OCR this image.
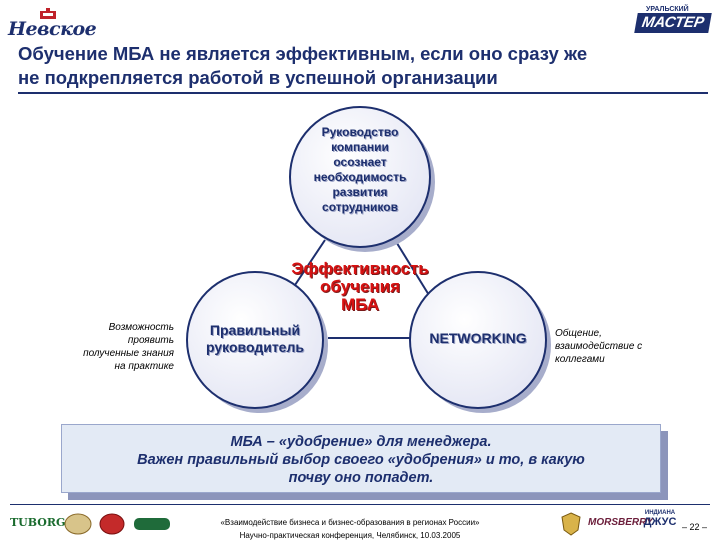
Невское
УРАЛЬСКИЙ
МАСТЕР
Обучение МБА не является эффективным, если оно сразу же
не подкрепляется работой в успешной организации
Руководство
компании
осознает
необходимость
развития
сотрудников
Правильный
руководитель
NETWORKING
Эффективность
обучения
МБА
Возможность
проявить
полученные знания
на практике
Общение,
взаимодействие с
коллегами
МБА – «удобрение» для менеджера.
Важен правильный выбор своего «удобрения» и то, в какую
почву оно попадет.
TUBORG	«Взаимодействие бизнеса и бизнес-образования в регионах России»
Научно-практическая конференция, Челябинск, 10.03.2005
MORSBERRY
ИНДИАНА
ДЖУС – 22 –
